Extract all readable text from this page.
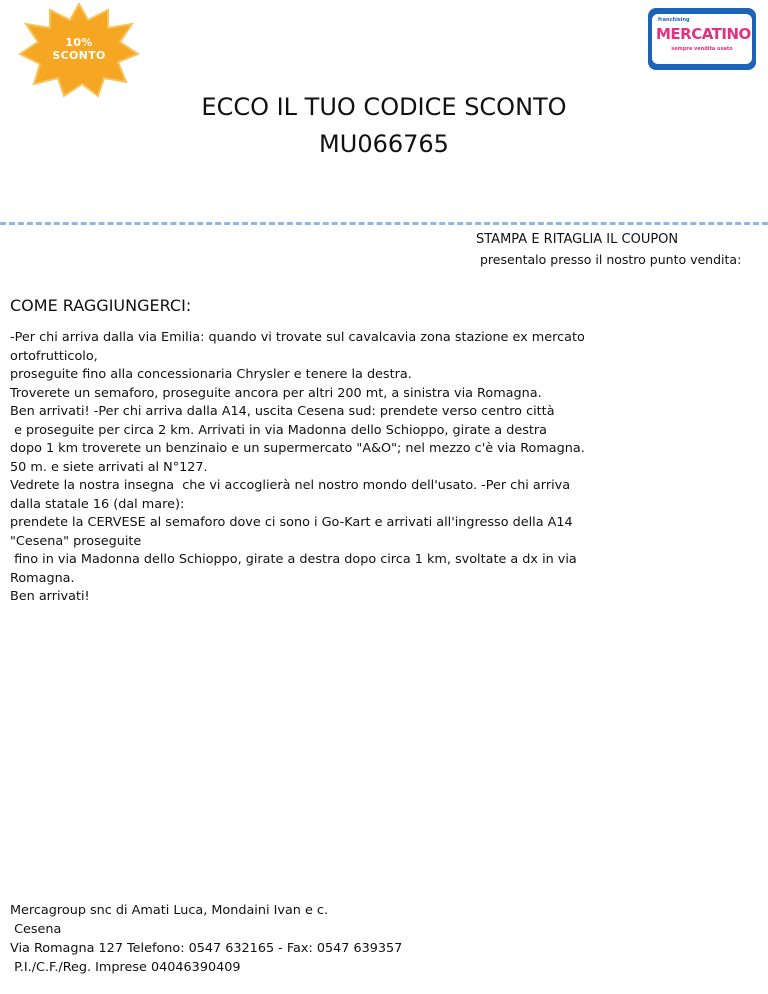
10%
SCONTO
franchising
MERCATINO
sempre vendita usato
ECCO IL TUO CODICE SCONTO
MU066765
STAMPA E RITAGLIA IL COUPON
presentalo presso il nostro punto vendita:
COME RAGGIUNGERCI:
-Per chi arriva dalla via Emilia: quando vi trovate sul cavalcavia zona stazione ex mercato
ortofrutticolo,
proseguite fino alla concessionaria Chrysler e tenere la destra.
Troverete un semaforo, proseguite ancora per altri 200 mt, a sinistra via Romagna.
Ben arrivati! -Per chi arriva dalla A14, uscita Cesena sud: prendete verso centro città
e proseguite per circa 2 km. Arrivati in via Madonna dello Schioppo, girate a destra
dopo 1 km troverete un benzinaio e un supermercato "A&O"; nel mezzo c'è via Romagna.
50 m. e siete arrivati al N°127.
Vedrete la nostra insegna  che vi accoglierà nel nostro mondo dell'usato. -Per chi arriva
dalla statale 16 (dal mare):
prendete la CERVESE al semaforo dove ci sono i Go-Kart e arrivati all'ingresso della A14
"Cesena" proseguite
fino in via Madonna dello Schioppo, girate a destra dopo circa 1 km, svoltate a dx in via
Romagna.
Ben arrivati!
Mercagroup snc di Amati Luca, Mondaini Ivan e c.
Cesena
Via Romagna 127 Telefono: 0547 632165 - Fax: 0547 639357
P.I./C.F./Reg. Imprese 04046390409
